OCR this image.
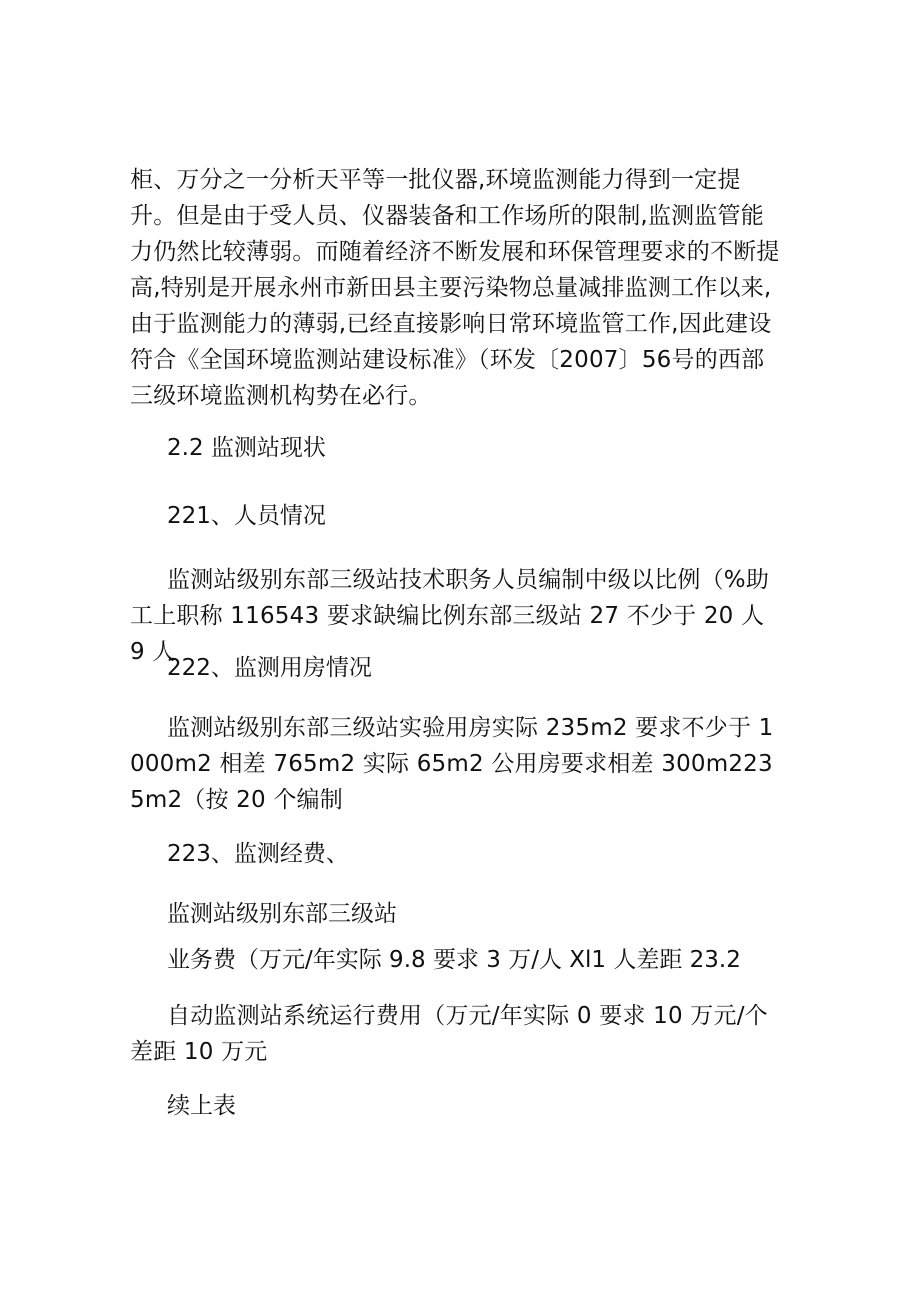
柜、万分之一分析天平等一批仪器,环境监测能力得到一定提升。但是由于受人员、仪器装备和工作场所的限制,监测监管能力仍然比较薄弱。而随着经济不断发展和环保管理要求的不断提高,特别是开展永州市新田县主要污染物总量减排监测工作以来,由于监测能力的薄弱,已经直接影响日常环境监管工作,因此建设符合《全国环境监测站建设标准》（环发〔2007〕56号的西部三级环境监测机构势在必行。
2.2 监测站现状
221、人员情况
监测站级别东部三级站技术职务人员编制中级以比例（%助工上职称 116543 要求缺编比例东部三级站 27 不少于 20 人 9 人
222、监测用房情况
监测站级别东部三级站实验用房实际 235m2 要求不少于 1000m2 相差 765m2 实际 65m2 公用房要求相差 300m2235m2（按 20 个编制
223、监测经费、
监测站级别东部三级站
业务费（万元/年实际 9.8 要求 3 万/人 Xl1 人差距 23.2
自动监测站系统运行费用（万元/年实际 0 要求 10 万元/个差距 10 万元
续上表
